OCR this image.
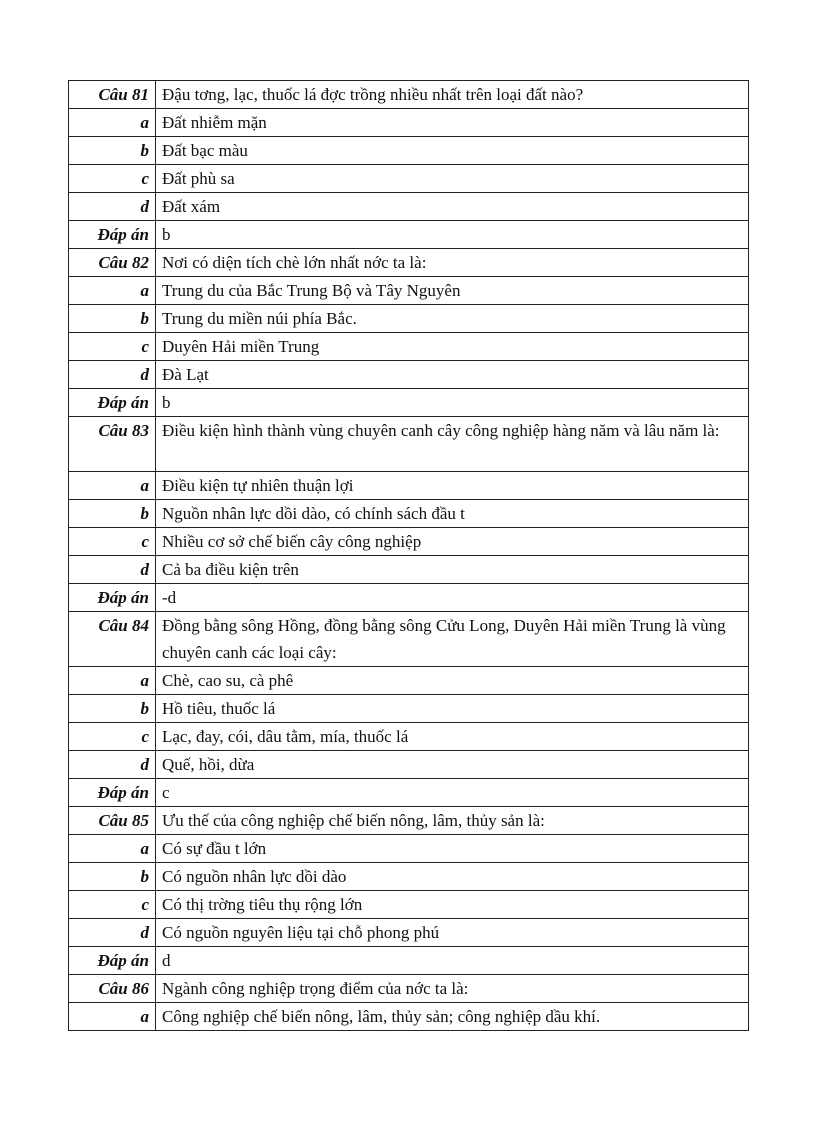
Câu 81	Đậu tơng, lạc, thuốc lá đợc trồng nhiều nhất trên loại đất nào?
a	Đất nhiễm mặn
b	Đất bạc màu
c	Đất phù sa
d	Đất xám
Đáp án	b
Câu 82	Nơi có diện tích chè lớn nhất nớc ta là:
a	Trung du của Bắc Trung Bộ và Tây Nguyên
b	Trung du miền núi phía Bắc.
c	Duyên Hải miền Trung
d	Đà Lạt
Đáp án	b
Câu 83	Điều kiện hình thành vùng chuyên canh cây công nghiệp hàng năm và lâu năm là:
a	Điều kiện tự nhiên thuận lợi
b	Nguồn nhân lực dồi dào, có chính sách đầu t
c	Nhiều cơ sở chế biến cây công nghiệp
d	Cả ba điều kiện trên
Đáp án	-d
Câu 84	Đồng bằng sông Hồng, đồng bằng sông Cửu Long, Duyên Hải miền Trung là vùng chuyên canh các loại cây:
a	Chè, cao su, cà phê
b	Hồ tiêu, thuốc lá
c	Lạc, đay, cói, dâu tằm, mía, thuốc lá
d	Quế, hồi, dừa
Đáp án	c
Câu 85	Ưu thế của công nghiệp chế biến nông, lâm, thủy sản là:
a	Có sự đầu t lớn
b	Có nguồn nhân lực dồi dào
c	Có thị trờng tiêu thụ rộng lớn
d	Có nguồn nguyên liệu tại chỗ phong phú
Đáp án	d
Câu 86	Ngành công nghiệp trọng điểm của nớc ta là:
a	Công nghiệp chế biến nông, lâm, thủy sản; công nghiệp dầu khí.
